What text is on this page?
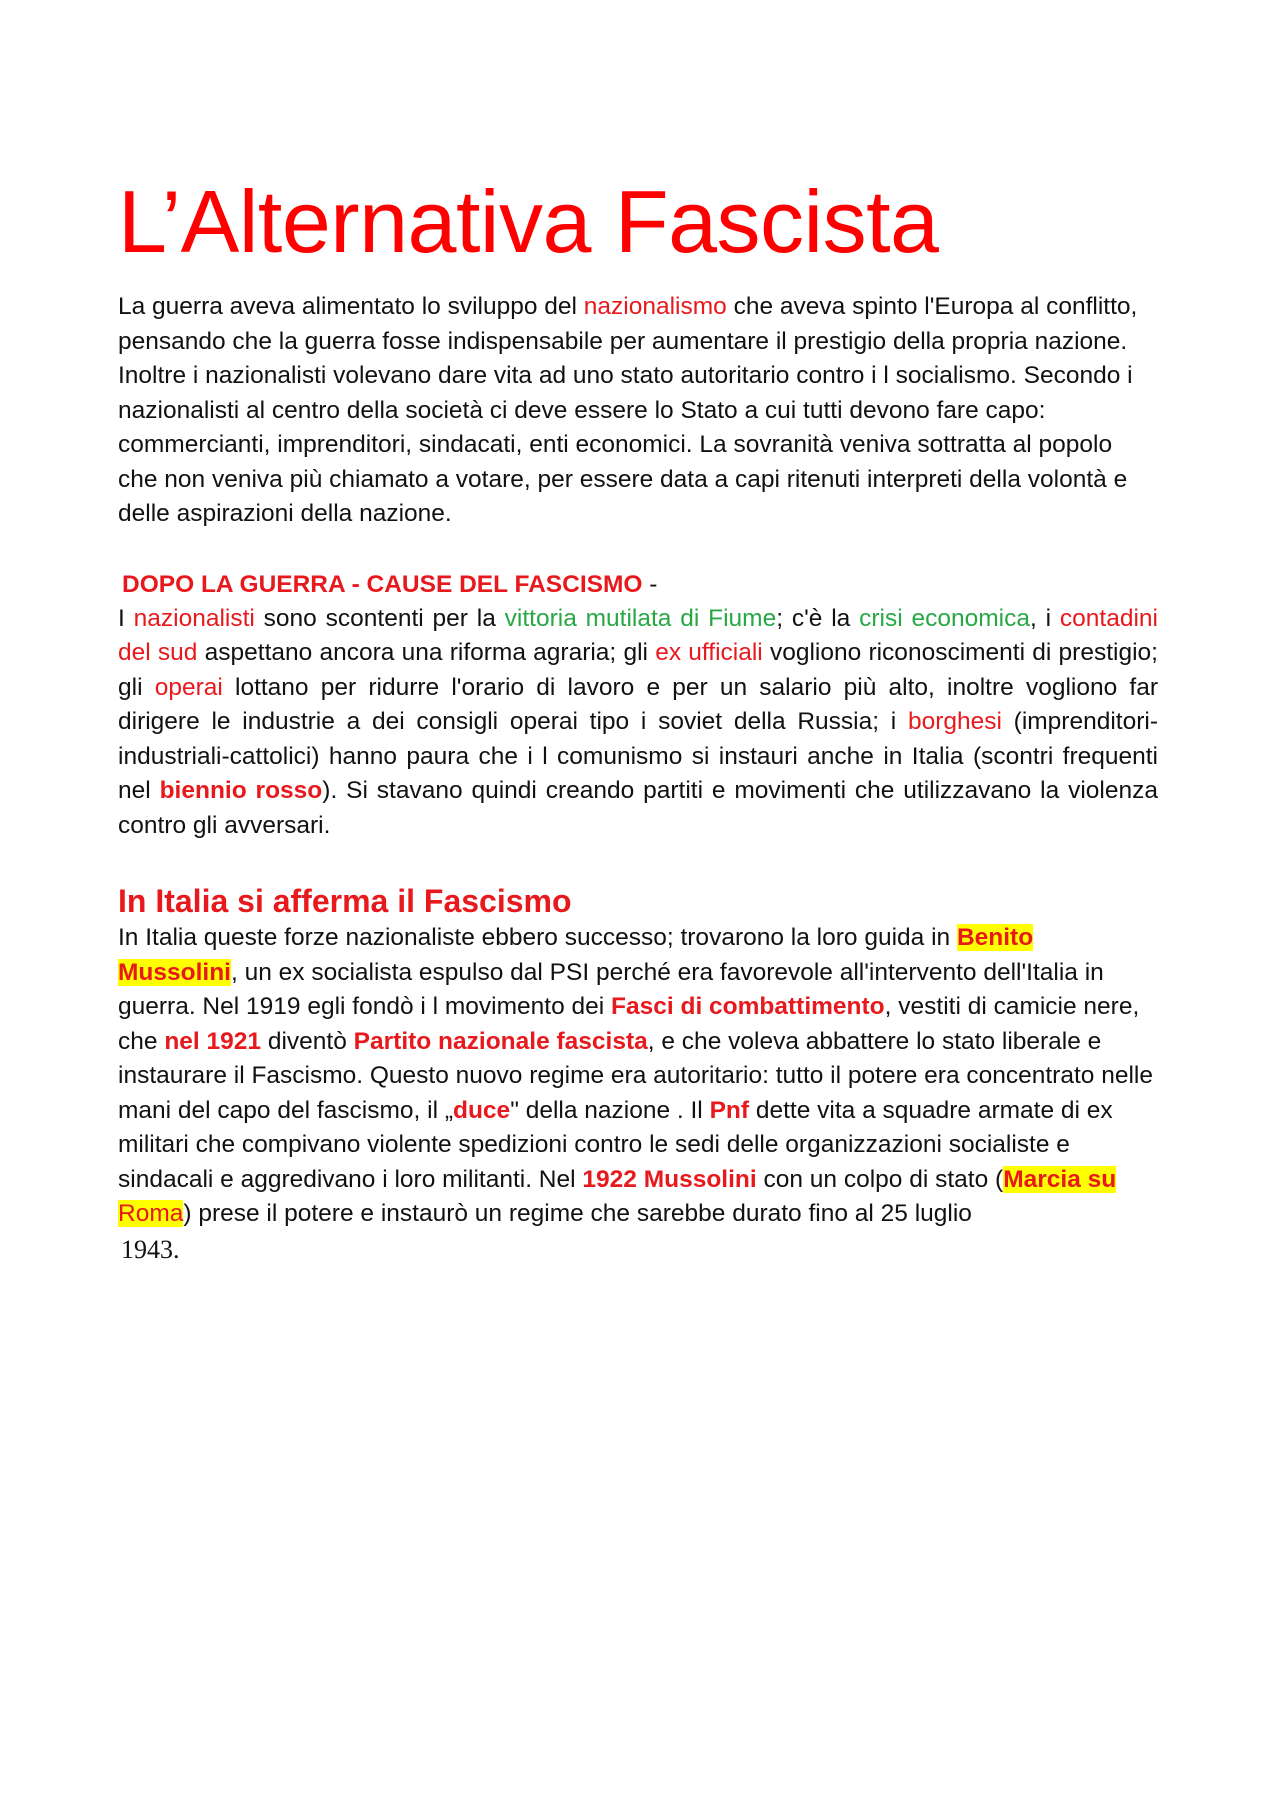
L’Alternativa Fascista

La guerra aveva alimentato lo sviluppo del nazionalismo che aveva spinto l'Europa al conflitto, pensando che la guerra fosse indispensabile per aumentare il prestigio della propria nazione. Inoltre i nazionalisti volevano dare vita ad uno stato autoritario contro i l socialismo. Secondo i nazionalisti al centro della società ci deve essere lo Stato a cui tutti devono fare capo: commercianti, imprenditori, sindacati, enti economici. La sovranità veniva sottratta al popolo che non veniva più chiamato a votare, per essere data a capi ritenuti interpreti della volontà e delle aspirazioni della nazione.

DOPO LA GUERRA - CAUSE DEL FASCISMO -

I nazionalisti sono scontenti per la vittoria mutilata di Fiume; c'è la crisi economica, i contadini del sud aspettano ancora una riforma agraria; gli ex ufficiali vogliono riconoscimenti di prestigio; gli operai lottano per ridurre l'orario di lavoro e per un salario più alto, inoltre vogliono far dirigere le industrie a dei consigli operai tipo i soviet della Russia; i borghesi (imprenditori-industriali-cattolici) hanno paura che i l comunismo si instauri anche in Italia (scontri frequenti nel biennio rosso). Si stavano quindi creando partiti e movimenti che utilizzavano la violenza contro gli avversari.

In Italia si afferma il Fascismo

In Italia queste forze nazionaliste ebbero successo; trovarono la loro guida in Benito Mussolini, un ex socialista espulso dal PSI perché era favorevole all'intervento dell'Italia in guerra. Nel 1919 egli fondò i l movimento dei Fasci di combattimento, vestiti di camicie nere, che nel 1921 diventò Partito nazionale fascista, e che voleva abbattere lo stato liberale e instaurare il Fascismo. Questo nuovo regime era autoritario: tutto il potere era concentrato nelle mani del capo del fascismo, il „duce" della nazione . Il Pnf dette vita a squadre armate di ex militari che compivano violente spedizioni contro le sedi delle organizzazioni socialiste e sindacali e aggredivano i loro militanti. Nel 1922 Mussolini con un colpo di stato (Marcia su Roma) prese il potere e instaurò un regime che sarebbe durato fino al 25 luglio
1943.
